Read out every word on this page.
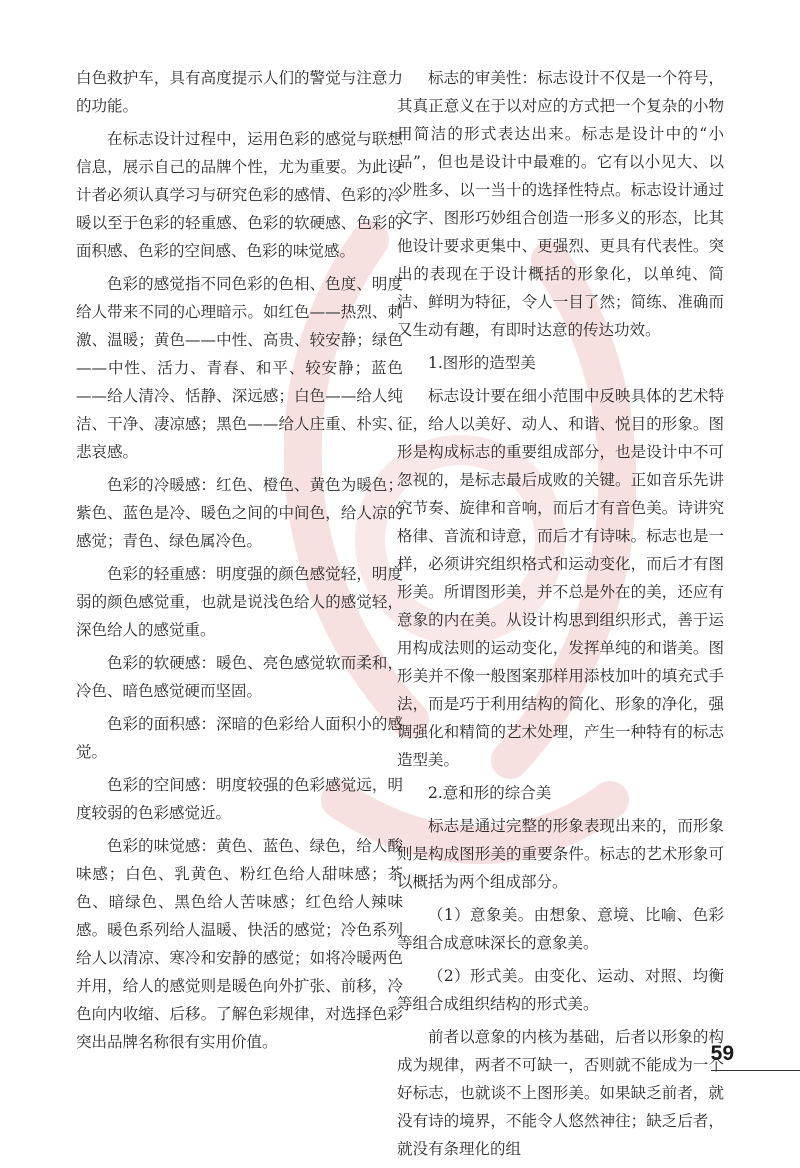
白色救护车，具有高度提示人们的警觉与注意力的功能。

在标志设计过程中，运用色彩的感觉与联想信息，展示自己的品牌个性，尤为重要。为此设计者必须认真学习与研究色彩的感情、色彩的冷暖以至于色彩的轻重感、色彩的软硬感、色彩的面积感、色彩的空间感、色彩的味觉感。

色彩的感觉指不同色彩的色相、色度、明度给人带来不同的心理暗示。如红色——热烈、刺激、温暖；黄色——中性、高贵、较安静；绿色——中性、活力、青春、和平、较安静；蓝色——给人清冷、恬静、深远感；白色——给人纯洁、干净、凄凉感；黑色——给人庄重、朴实、悲哀感。

色彩的冷暖感：红色、橙色、黄色为暖色；紫色、蓝色是冷、暖色之间的中间色，给人凉的感觉；青色、绿色属冷色。

色彩的轻重感：明度强的颜色感觉轻，明度弱的颜色感觉重，也就是说浅色给人的感觉轻，深色给人的感觉重。

色彩的软硬感：暖色、亮色感觉软而柔和，冷色、暗色感觉硬而坚固。

色彩的面积感：深暗的色彩给人面积小的感觉。

色彩的空间感：明度较强的色彩感觉远，明度较弱的色彩感觉近。

色彩的味觉感：黄色、蓝色、绿色，给人酸味感；白色、乳黄色、粉红色给人甜味感；茶色、暗绿色、黑色给人苦味感；红色给人辣味感。暖色系列给人温暖、快活的感觉；冷色系列给人以清凉、寒冷和安静的感觉；如将冷暖两色并用，给人的感觉则是暖色向外扩张、前移，冷色向内收缩、后移。了解色彩规律，对选择色彩突出品牌名称很有实用价值。

标志的审美性：标志设计不仅是一个符号，其真正意义在于以对应的方式把一个复杂的小物用简洁的形式表达出来。标志是设计中的“小品”，但也是设计中最难的。它有以小见大、以少胜多、以一当十的选择性特点。标志设计通过文字、图形巧妙组合创造一形多义的形态，比其他设计要求更集中、更强烈、更具有代表性。突出的表现在于设计概括的形象化，以单纯、简洁、鲜明为特征，令人一目了然；简练、准确而又生动有趣，有即时达意的传达功效。

1.图形的造型美

标志设计要在细小范围中反映具体的艺术特征，给人以美好、动人、和谐、悦目的形象。图形是构成标志的重要组成部分，也是设计中不可忽视的，是标志最后成败的关键。正如音乐先讲究节奏、旋律和音响，而后才有音色美。诗讲究格律、音流和诗意，而后才有诗味。标志也是一样，必须讲究组织格式和运动变化，而后才有图形美。所谓图形美，并不总是外在的美，还应有意象的内在美。从设计构思到组织形式，善于运用构成法则的运动变化，发挥单纯的和谐美。图形美并不像一般图案那样用添枝加叶的填充式手法，而是巧于利用结构的简化、形象的净化，强调强化和精简的艺术处理，产生一种特有的标志造型美。

2.意和形的综合美

标志是通过完整的形象表现出来的，而形象则是构成图形美的重要条件。标志的艺术形象可以概括为两个组成部分。

（1）意象美。由想象、意境、比喻、色彩等组合成意味深长的意象美。

（2）形式美。由变化、运动、对照、均衡等组合成组织结构的形式美。

前者以意象的内核为基础，后者以形象的构成为规律，两者不可缺一，否则就不能成为一个好标志，也就谈不上图形美。如果缺乏前者，就没有诗的境界，不能令人悠然神往；缺乏后者，就没有条理化的组

59
